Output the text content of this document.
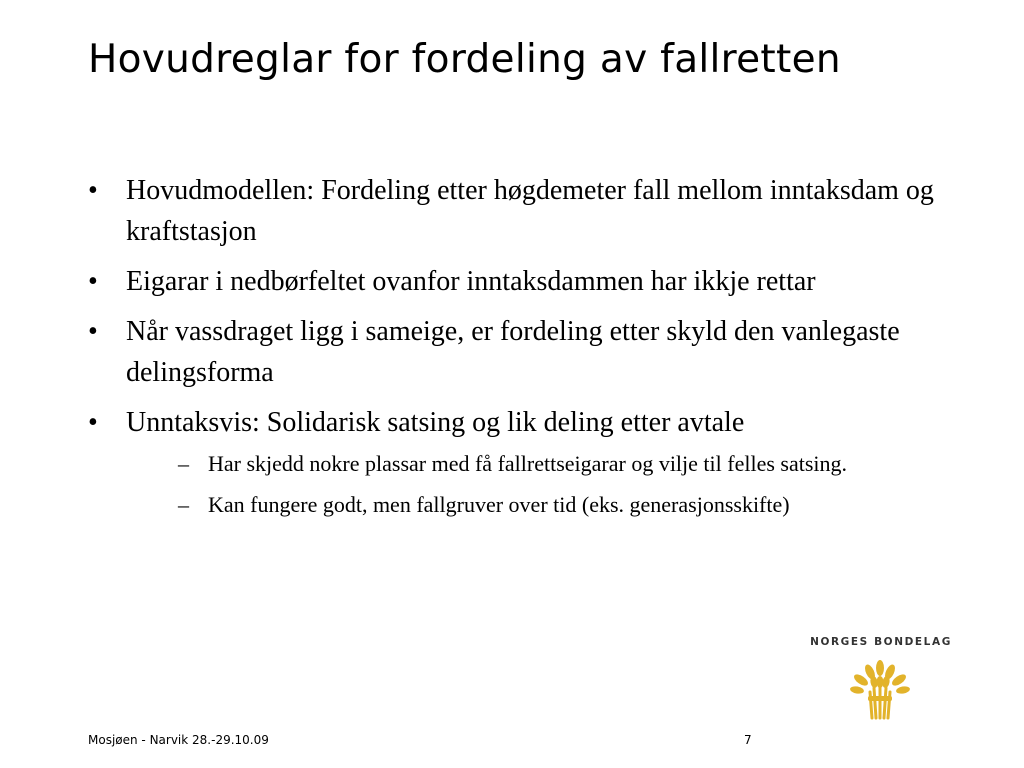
Hovudreglar for fordeling av fallretten
• Hovudmodellen: Fordeling etter høgdemeter fall mellom inntaksdam og kraftstasjon
• Eigarar i nedbørfeltet ovanfor inntaksdammen har ikkje rettar
• Når vassdraget ligg i sameige, er fordeling etter skyld den vanlegaste delingsforma
• Unntaksvis: Solidarisk satsing og lik deling etter avtale
– Har skjedd nokre plassar med få fallrettseigarar og vilje til felles satsing.
– Kan fungere godt, men fallgruver over tid (eks. generasjonsskifte)
NORGES BONDELAG
Mosjøen - Narvik 28.-29.10.09	7
